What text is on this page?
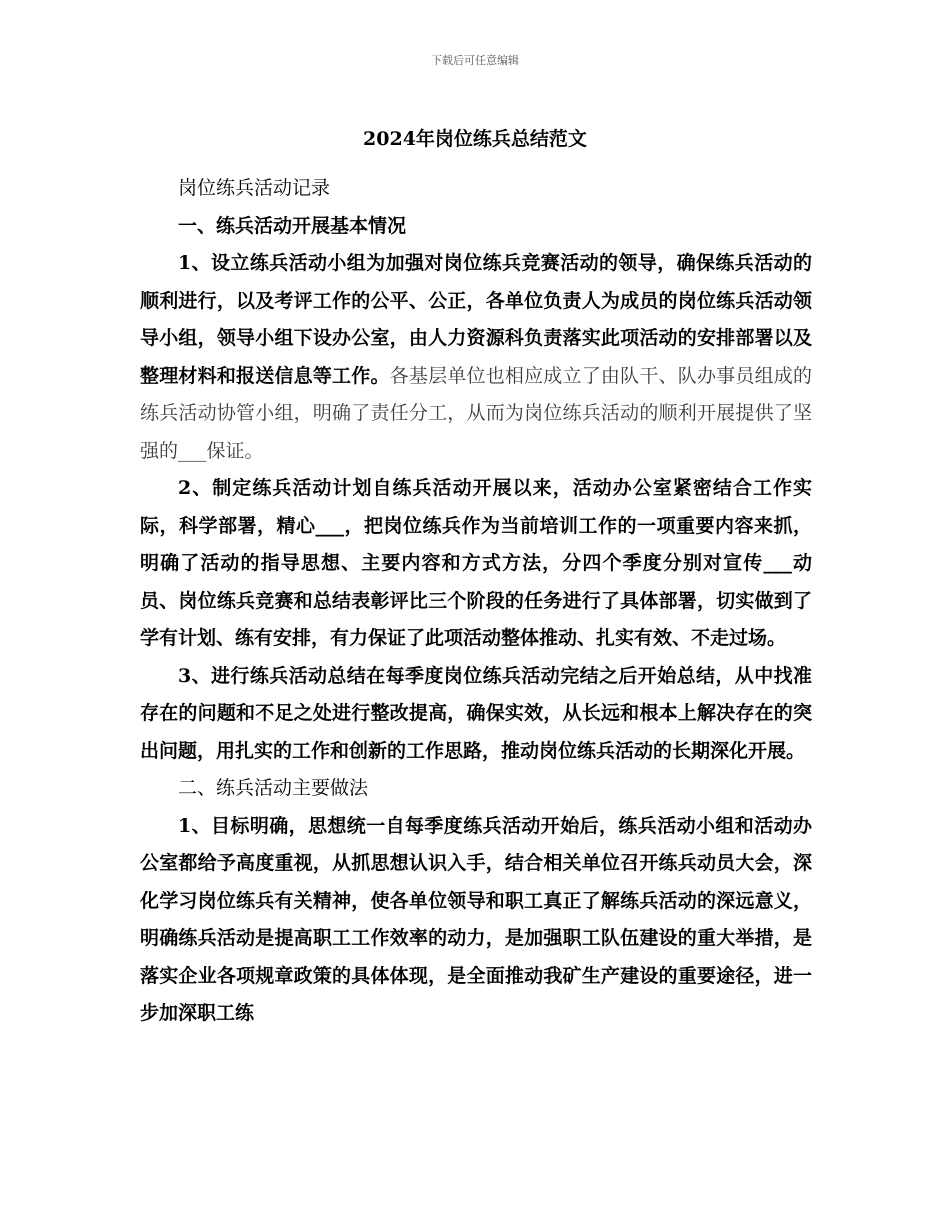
下载后可任意编辑
2024年岗位练兵总结范文

岗位练兵活动记录

一、练兵活动开展基本情况

1、设立练兵活动小组为加强对岗位练兵竞赛活动的领导，确保练兵活动的顺利进行，以及考评工作的公平、公正，各单位负责人为成员的岗位练兵活动领导小组，领导小组下设办公室，由人力资源科负责落实此项活动的安排部署以及整理材料和报送信息等工作。各基层单位也相应成立了由队干、队办事员组成的练兵活动协管小组，明确了责任分工，从而为岗位练兵活动的顺利开展提供了坚强的___保证。

2、制定练兵活动计划自练兵活动开展以来，活动办公室紧密结合工作实际，科学部署，精心___，把岗位练兵作为当前培训工作的一项重要内容来抓，明确了活动的指导思想、主要内容和方式方法，分四个季度分别对宣传___动员、岗位练兵竞赛和总结表彰评比三个阶段的任务进行了具体部署，切实做到了学有计划、练有安排，有力保证了此项活动整体推动、扎实有效、不走过场。

3、进行练兵活动总结在每季度岗位练兵活动完结之后开始总结，从中找准存在的问题和不足之处进行整改提高，确保实效，从长远和根本上解决存在的突出问题，用扎实的工作和创新的工作思路，推动岗位练兵活动的长期深化开展。

二、练兵活动主要做法

1、目标明确，思想统一自每季度练兵活动开始后，练兵活动小组和活动办公室都给予高度重视，从抓思想认识入手，结合相关单位召开练兵动员大会，深化学习岗位练兵有关精神，使各单位领导和职工真正了解练兵活动的深远意义，明确练兵活动是提高职工工作效率的动力，是加强职工队伍建设的重大举措，是落实企业各项规章政策的具体体现，是全面推动我矿生产建设的重要途径，进一步加深职工练
